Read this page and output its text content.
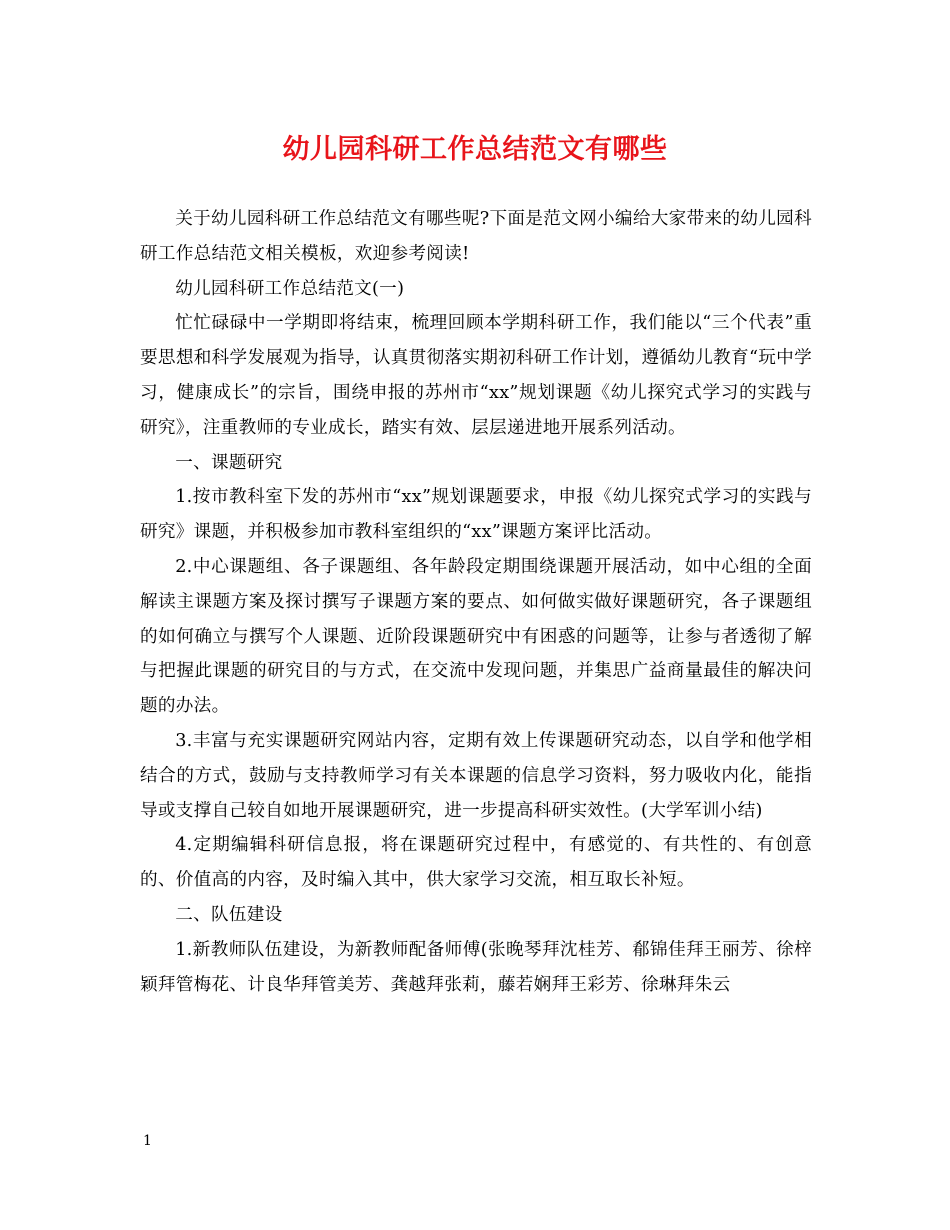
幼儿园科研工作总结范文有哪些

关于幼儿园科研工作总结范文有哪些呢?下面是范文网小编给大家带来的幼儿园科研工作总结范文相关模板，欢迎参考阅读!

幼儿园科研工作总结范文(一)

忙忙碌碌中一学期即将结束，梳理回顾本学期科研工作，我们能以“三个代表”重要思想和科学发展观为指导，认真贯彻落实期初科研工作计划，遵循幼儿教育“玩中学习，健康成长”的宗旨，围绕申报的苏州市“xx”规划课题《幼儿探究式学习的实践与研究》，注重教师的专业成长，踏实有效、层层递进地开展系列活动。

一、课题研究

1.按市教科室下发的苏州市“xx”规划课题要求，申报《幼儿探究式学习的实践与研究》课题，并积极参加市教科室组织的“xx”课题方案评比活动。

2.中心课题组、各子课题组、各年龄段定期围绕课题开展活动，如中心组的全面解读主课题方案及探讨撰写子课题方案的要点、如何做实做好课题研究，各子课题组的如何确立与撰写个人课题、近阶段课题研究中有困惑的问题等，让参与者透彻了解与把握此课题的研究目的与方式，在交流中发现问题，并集思广益商量最佳的解决问题的办法。

3.丰富与充实课题研究网站内容，定期有效上传课题研究动态，以自学和他学相结合的方式，鼓励与支持教师学习有关本课题的信息学习资料，努力吸收内化，能指导或支撑自己较自如地开展课题研究，进一步提高科研实效性。(大学军训小结)

4.定期编辑科研信息报，将在课题研究过程中，有感觉的、有共性的、有创意的、价值高的内容，及时编入其中，供大家学习交流，相互取长补短。

二、队伍建设

1.新教师队伍建设，为新教师配备师傅(张晚琴拜沈桂芳、郩锦佳拜王丽芳、徐梓颖拜管梅花、计良华拜管美芳、龚越拜张莉，藤若娴拜王彩芳、徐琳拜朱云

1
